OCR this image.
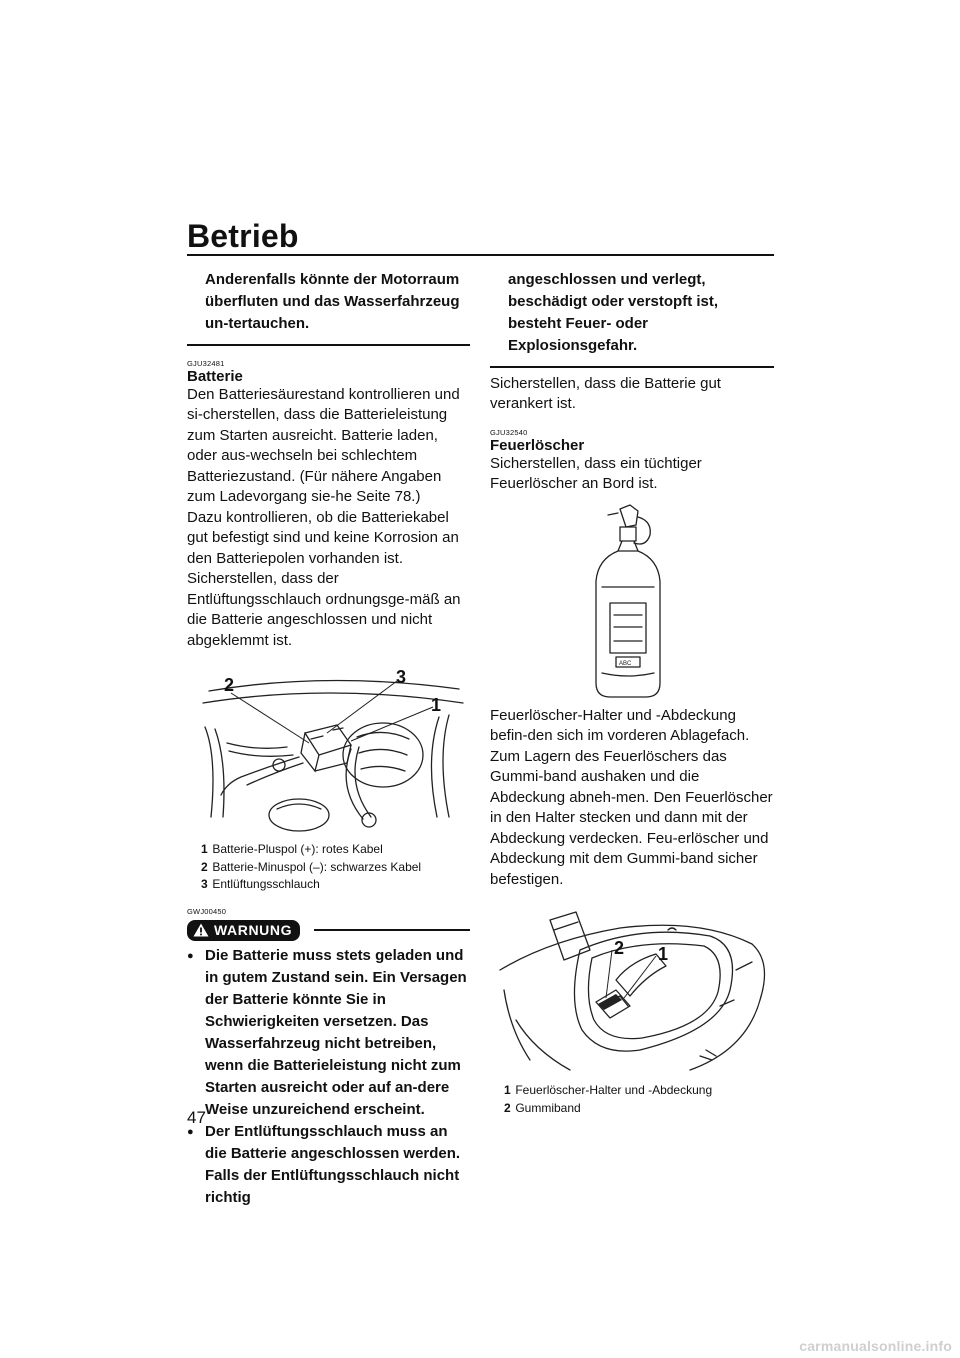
Betrieb

Anderenfalls könnte der Motorraum überfluten und das Wasserfahrzeug un-tertauchen.

GJU32481
Batterie

Den Batteriesäurestand kontrollieren und si-cherstellen, dass die Batterieleistung zum Starten ausreicht. Batterie laden, oder aus-wechseln bei schlechtem Batteriezustand. (Für nähere Angaben zum Ladevorgang sie-he Seite 78.)

Dazu kontrollieren, ob die Batteriekabel gut befestigt sind und keine Korrosion an den Batteriepolen vorhanden ist. Sicherstellen, dass der Entlüftungsschlauch ordnungsge-mäß an die Batterie angeschlossen und nicht abgeklemmt ist.

1
2	3
1 Batterie-Pluspol (+): rotes Kabel
2 Batterie-Minuspol (–): schwarzes Kabel
3 Entlüftungsschlauch
GWJ00450
WARNUNG
● Die Batterie muss stets geladen und in gutem Zustand sein. Ein Versagen der Batterie könnte Sie in Schwierigkeiten versetzen. Das Wasserfahrzeug nicht betreiben, wenn die Batterieleistung nicht zum Starten ausreicht oder auf an-dere Weise unzureichend erscheint.
● Der Entlüftungsschlauch muss an die Batterie angeschlossen werden. Falls der Entlüftungsschlauch nicht richtig

angeschlossen und verlegt, beschädigt oder verstopft ist, besteht Feuer- oder Explosionsgefahr.

Sicherstellen, dass die Batterie gut verankert ist.

GJU32540
Feuerlöscher

Sicherstellen, dass ein tüchtiger Feuerlöscher an Bord ist.

ABC

Feuerlöscher-Halter und -Abdeckung befin-den sich im vorderen Ablagefach.

Zum Lagern des Feuerlöschers das Gummi-band aushaken und die Abdeckung abneh-men. Den Feuerlöscher in den Halter stecken und dann mit der Abdeckung verdecken. Feu-erlöscher und Abdeckung mit dem Gummi-band sicher befestigen.

1
2
1 Feuerlöscher-Halter und -Abdeckung
2 Gummiband
47
carmanualsonline.info
